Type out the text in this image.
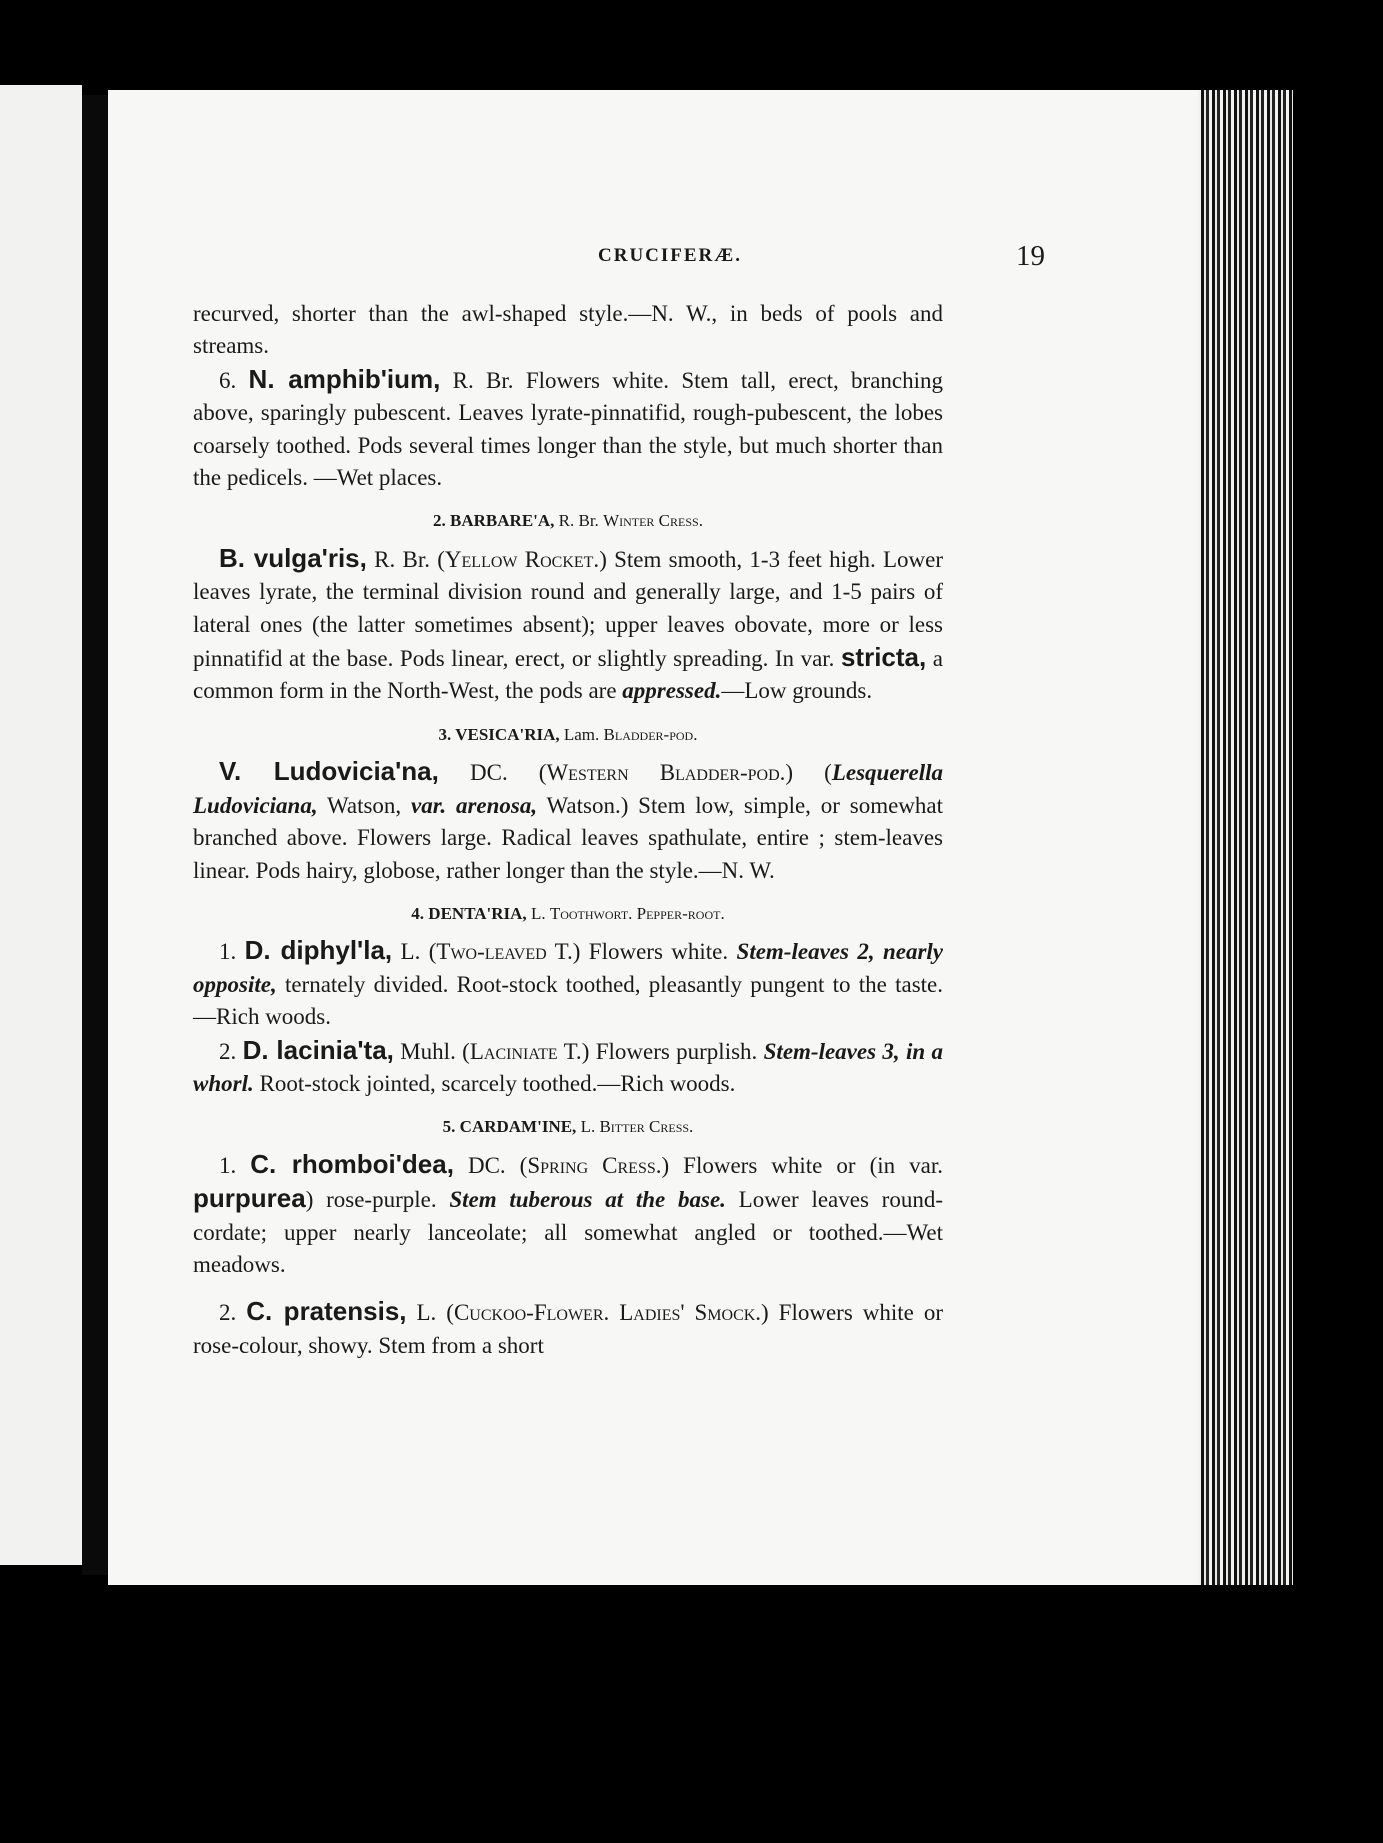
CRUCIFERÆ.	19

recurved, shorter than the awl-shaped style.—N. W., in beds of pools and streams.

6. N. amphib'ium, R. Br. Flowers white. Stem tall, erect, branching above, sparingly pubescent. Leaves lyrate-pinnatifid, rough-pubescent, the lobes coarsely toothed. Pods several times longer than the style, but much shorter than the pedicels. —Wet places.

2. BARBARE'A, R. Br. Winter Cress.

B. vulga'ris, R. Br. (Yellow Rocket.) Stem smooth, 1-3 feet high. Lower leaves lyrate, the terminal division round and generally large, and 1-5 pairs of lateral ones (the latter sometimes absent); upper leaves obovate, more or less pinnatifid at the base. Pods linear, erect, or slightly spreading. In var. stricta, a common form in the North-West, the pods are appressed.—Low grounds.

3. VESICA'RIA, Lam. Bladder-pod.

V. Ludovicia'na, DC. (Western Bladder-pod.) (Lesquerella Ludoviciana, Watson, var. arenosa, Watson.) Stem low, simple, or somewhat branched above. Flowers large. Radical leaves spathulate, entire ; stem-leaves linear. Pods hairy, globose, rather longer than the style.—N. W.

4. DENTA'RIA, L. Toothwort. Pepper-root.

1. D. diphyl'la, L. (Two-leaved T.) Flowers white. Stem-leaves 2, nearly opposite, ternately divided. Root-stock toothed, pleasantly pungent to the taste.—Rich woods.

2. D. lacinia'ta, Muhl. (Laciniate T.) Flowers purplish. Stem-leaves 3, in a whorl. Root-stock jointed, scarcely toothed.—Rich woods.

5. CARDAM'INE, L. Bitter Cress.

1. C. rhomboi'dea, DC. (Spring Cress.) Flowers white or (in var. purpurea) rose-purple. Stem tuberous at the base. Lower leaves round-cordate; upper nearly lanceolate; all somewhat angled or toothed.—Wet meadows.

2. C. pratensis, L. (Cuckoo-Flower. Ladies' Smock.) Flowers white or rose-colour, showy. Stem from a short
